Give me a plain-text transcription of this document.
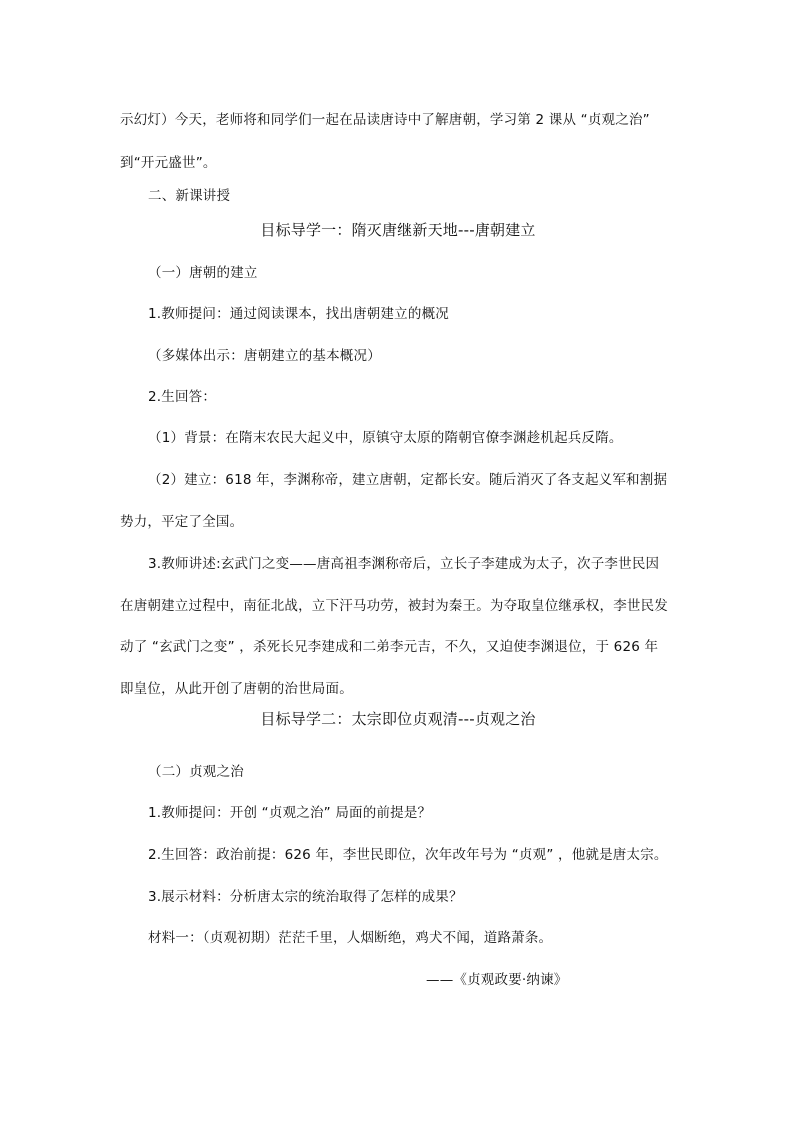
示幻灯）今天，老师将和同学们一起在品读唐诗中了解唐朝，学习第 2 课从 “贞观之治”
到“开元盛世”。
二、新课讲授
目标导学一：隋灭唐继新天地---唐朝建立
（一）唐朝的建立
1.教师提问：通过阅读课本，找出唐朝建立的概况
（多媒体出示：唐朝建立的基本概况）
2.生回答：
（1）背景：在隋末农民大起义中，原镇守太原的隋朝官僚李渊趁机起兵反隋。
（2）建立：618 年，李渊称帝，建立唐朝，定都长安。随后消灭了各支起义军和割据
势力，平定了全国。
3.教师讲述:玄武门之变——唐高祖李渊称帝后，立长子李建成为太子，次子李世民因
在唐朝建立过程中，南征北战，立下汗马功劳，被封为秦王。为夺取皇位继承权，李世民发
动了 “玄武门之变” ，杀死长兄李建成和二弟李元吉，不久，又迫使李渊退位，于 626 年
即皇位，从此开创了唐朝的治世局面。
目标导学二：太宗即位贞观清---贞观之治
（二）贞观之治
1.教师提问：开创 “贞观之治” 局面的前提是？
2.生回答：政治前提：626 年，李世民即位，次年改年号为 “贞观” ，他就是唐太宗。
3.展示材料：分析唐太宗的统治取得了怎样的成果？
材料一：（贞观初期）茫茫千里，人烟断绝，鸡犬不闻，道路萧条。
——《贞观政要·纳谏》
